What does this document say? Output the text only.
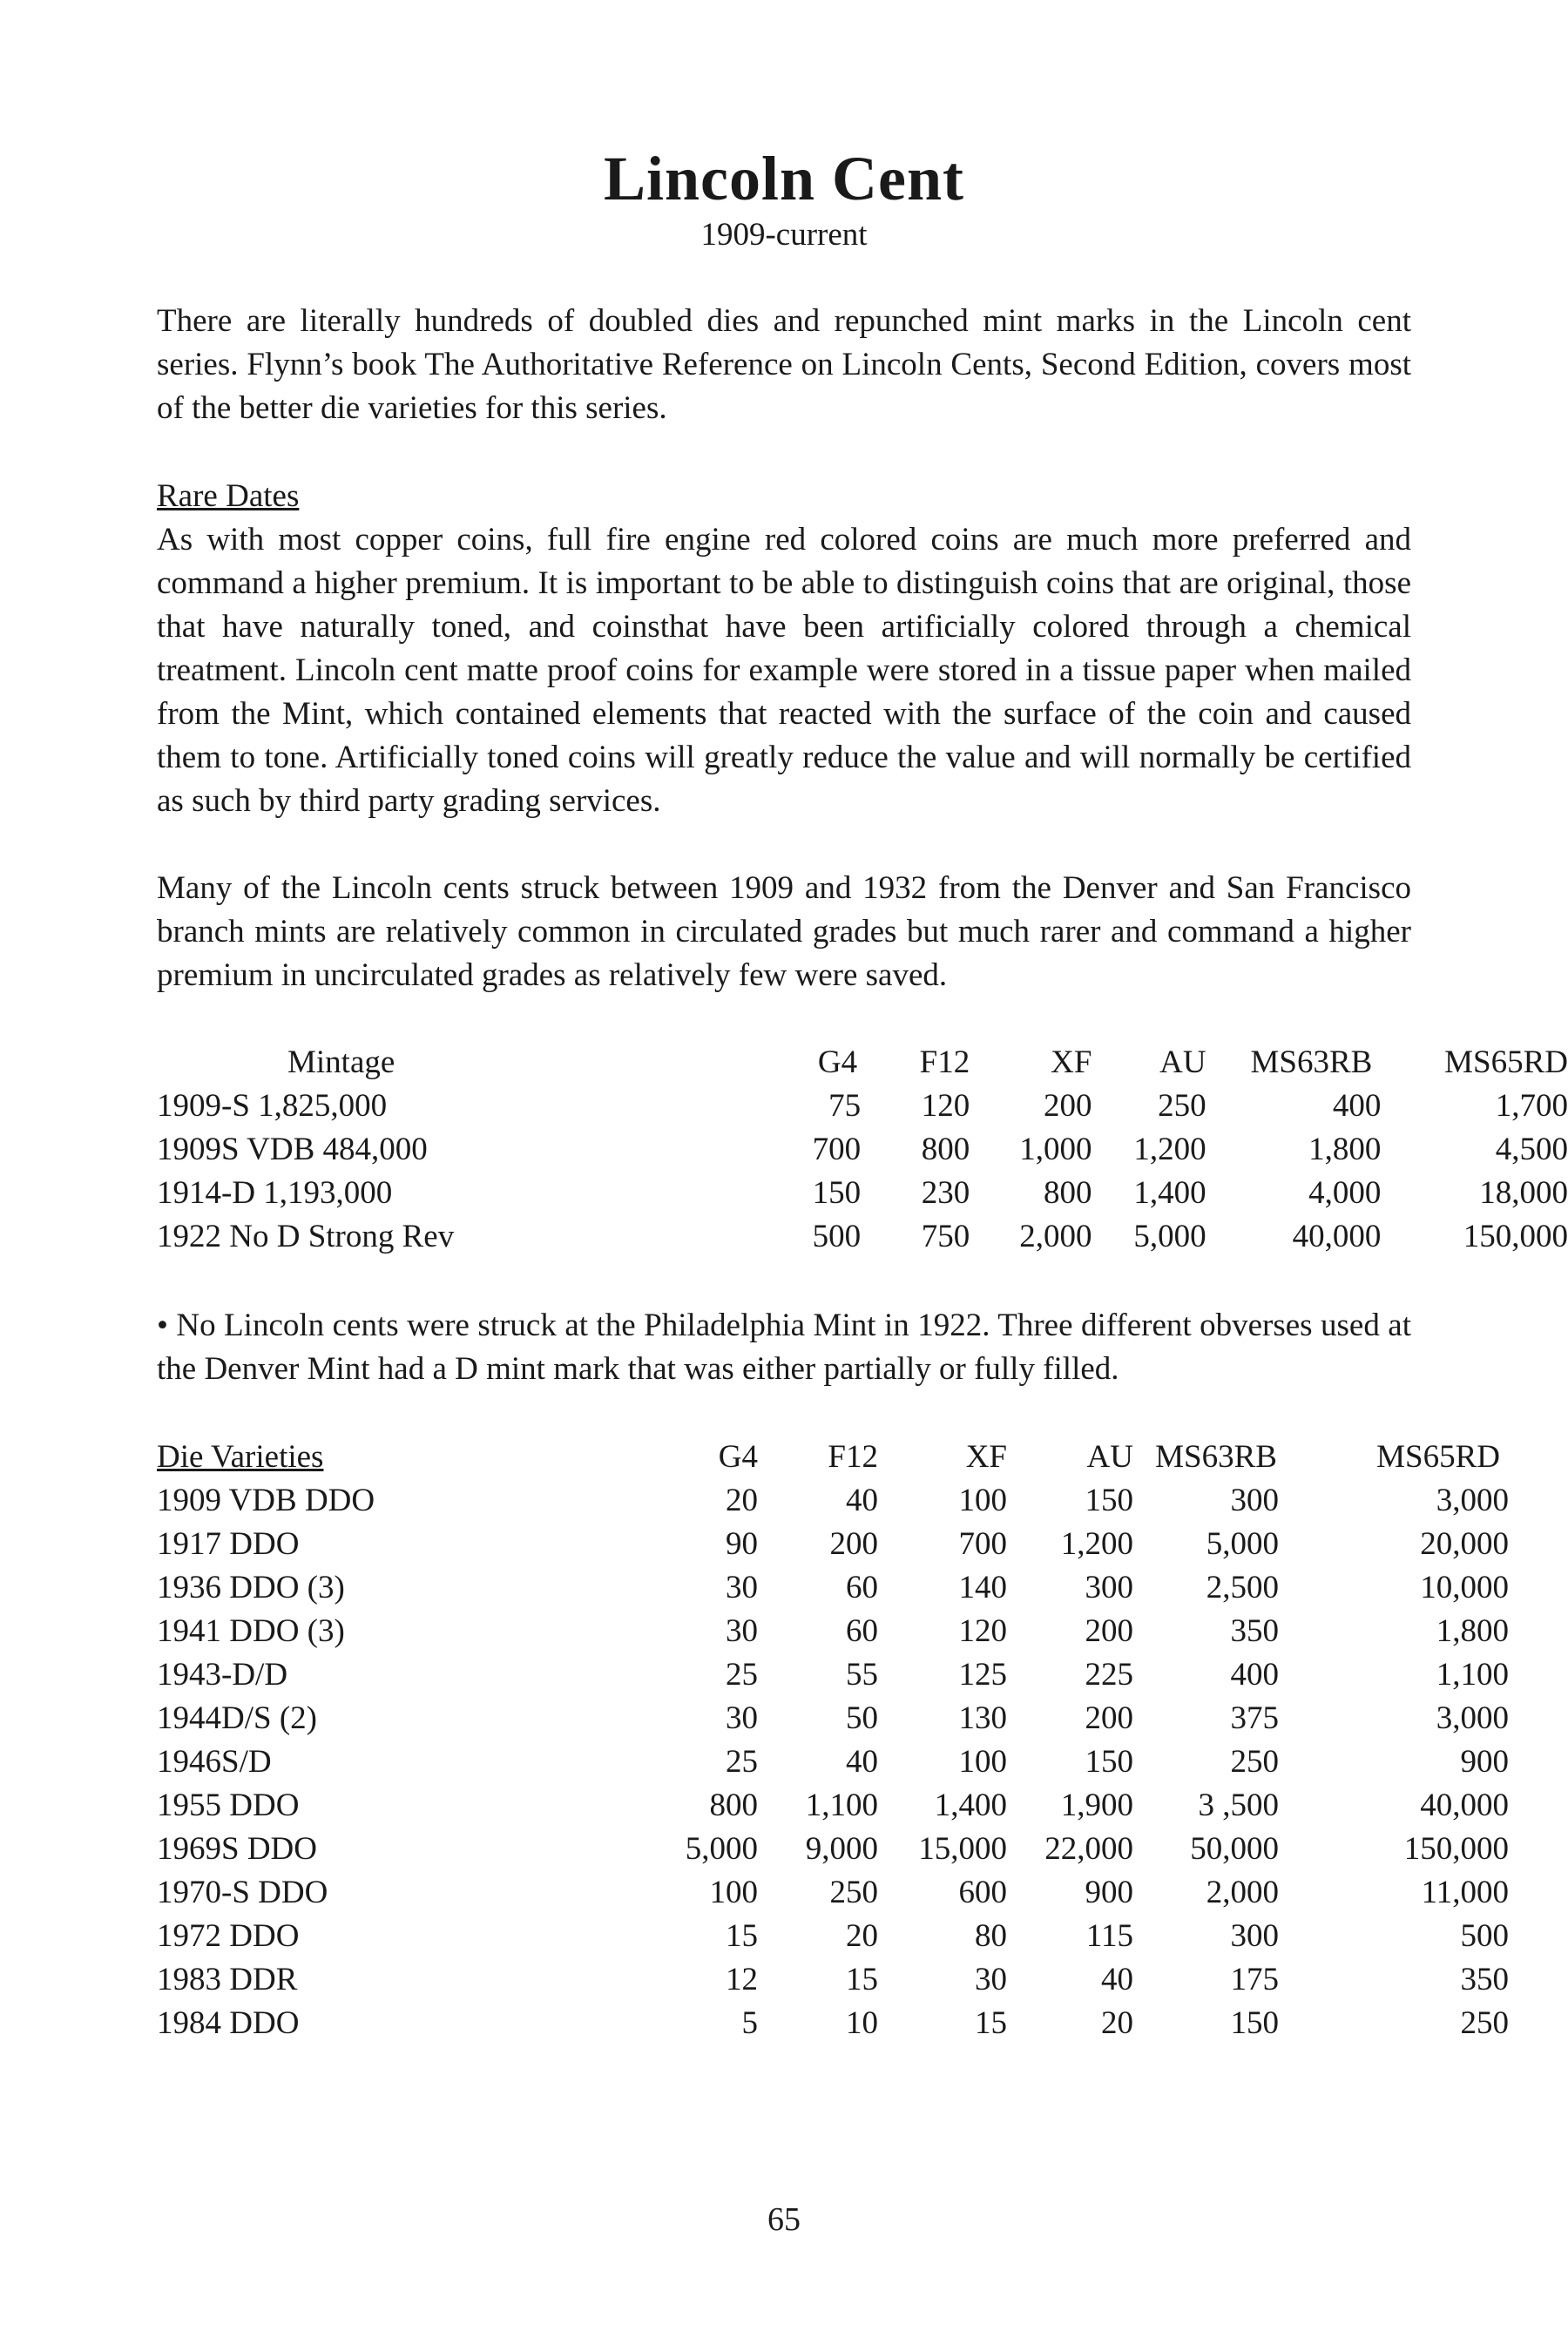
Lincoln Cent
1909-current

There are literally hundreds of doubled dies and repunched mint marks in the Lincoln cent series. Flynn’s book The Authoritative Reference on Lincoln Cents, Second Edition, covers most of the better die varieties for this series.

Rare Dates

As with most copper coins, full fire engine red colored coins are much more preferred and command a higher premium. It is important to be able to distinguish coins that are original, those that have naturally toned, and coinsthat have been artificially colored through a chemical treatment. Lincoln cent matte proof coins for example were stored in a tissue paper when mailed from the Mint, which contained elements that reacted with the surface of the coin and caused them to tone. Artificially toned coins will greatly reduce the value and will normally be certified as such by third party grading services.

Many of the Lincoln cents struck between 1909 and 1932 from the Denver and San Francisco branch mints are relatively common in circulated grades but much rarer and command a higher premium in uncirculated grades as relatively few were saved.

Mintage	G4	F12	XF	AU	MS63RB	MS65RD
1909-S 1,825,000	75	120	200	250	400	1,700
1909S VDB 484,000	700	800	1,000	1,200	1,800	4,500
1914-D 1,193,000	150	230	800	1,400	4,000	18,000
1922 No D Strong Rev	500	750	2,000	5,000	40,000	150,000

• No Lincoln cents were struck at the Philadelphia Mint in 1922. Three different obverses used at the Denver Mint had a D mint mark that was either partially or fully filled.

Die Varieties	G4	F12	XF	AU	MS63RB	MS65RD
1909 VDB DDO	20	40	100	150	300	3,000
1917 DDO	90	200	700	1,200	5,000	20,000
1936 DDO (3)	30	60	140	300	2,500	10,000
1941 DDO (3)	30	60	120	200	350	1,800
1943-D/D	25	55	125	225	400	1,100
1944D/S (2)	30	50	130	200	375	3,000
1946S/D	25	40	100	150	250	900
1955 DDO	800	1,100	1,400	1,900	3 ,500	40,000
1969S DDO	5,000	9,000	15,000	22,000	50,000	150,000
1970-S DDO	100	250	600	900	2,000	11,000
1972 DDO	15	20	80	115	300	500
1983 DDR	12	15	30	40	175	350
1984 DDO	5	10	15	20	150	250
65
